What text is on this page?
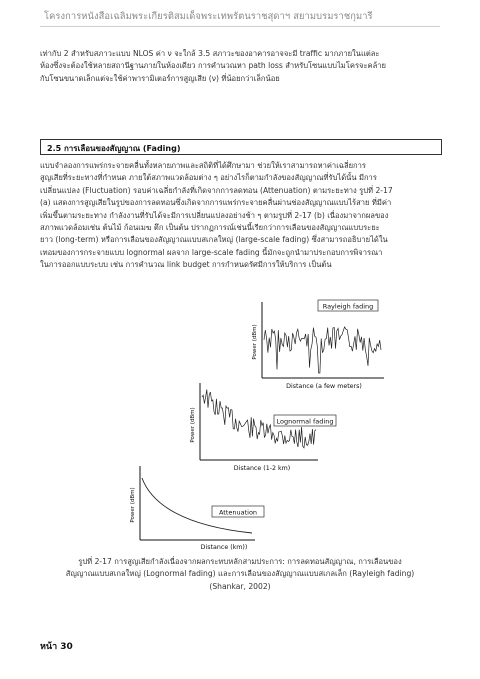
โครงการหนังสือเฉลิมพระเกียรติสมเด็จพระเทพรัตนราชสุดาฯ สยามบรมราชกุมารี
เท่ากับ 2 สำหรับสภาวะแบบ NLOS ค่า ν จะใกล้ 3.5 สภาวะของอาคารอาจจะมี traffic มากภายในแต่ละ
ห้องซึ่งจะต้องใช้หลายสถานีฐานภายในห้องเดียว การคำนวณหา path loss สำหรับโซนแบบไมโครจะคล้าย
กับโซนขนาดเล็กแต่จะใช้ค่าพารามิเตอร์การสูญเสีย (ν) ที่น้อยกว่าเล็กน้อย
2.5 การเลือนของสัญญาณ (Fading)
แบบจำลองการแพร่กระจายคลื่นทั้งหลายภาพและสถิติที่ได้ศึกษามา ช่วยให้เราสามารถหาค่าเฉลี่ยการ
สูญเสียที่ระยะทางที่กำหนด ภายใต้สภาพแวดล้อมต่าง ๆ อย่างไรก็ตามกำลังของสัญญาณที่รับได้นั้น มีการ
เปลี่ยนแปลง (Fluctuation) รอบค่าเฉลี่ยกำลังที่เกิดจากการลดทอน (Attenuation) ตามระยะทาง รูปที่ 2-17
(a) แสดงการสูญเสียในรูปของการลดทอนซึ่งเกิดจากการแพร่กระจายคลื่นผ่านช่องสัญญาณแบบไร้สาย ที่มีค่า
เพิ่มขึ้นตามระยะทาง กำลังงานที่รับได้จะมีการเปลี่ยนแปลงอย่างช้า ๆ ตามรูปที่ 2-17 (b) เนื่องมาจากผลของ
สภาพแวดล้อมเช่น ต้นไม้ ก้อนเมฆ ตึก เป็นต้น ปรากฏการณ์เช่นนี้เรียกว่าการเลือนของสัญญาณแบบระยะ
ยาว (long-term) หรือการเลือนของสัญญาณแบบสเกลใหญ่ (large-scale fading) ซึ่งสามารถอธิบายได้ใน
เทอมของการกระจายแบบ lognormal ผลจาก large-scale fading นี้มักจะถูกนำมาประกอบการพิจารณา
ในการออกแบบระบบ เช่น การคำนวณ link budget การกำหนดรัศมีการให้บริการ เป็นต้น
Rayleigh fading
Power (dBm)
Distance (a few meters)
Lognormal fading
Power (dBm)
Distance (1-2 km)
Attenuation
Power (dBm)
Distance (km))
รูปที่ 2-17 การสูญเสียกำลังเนื่องจากผลกระทบหลักสามประการ: การลดทอนสัญญาณ, การเลือนของ
สัญญาณแบบสเกลใหญ่ (Lognormal fading) และการเลือนของสัญญาณแบบสเกลเล็ก (Rayleigh fading)
(Shankar, 2002)
หน้า 30
